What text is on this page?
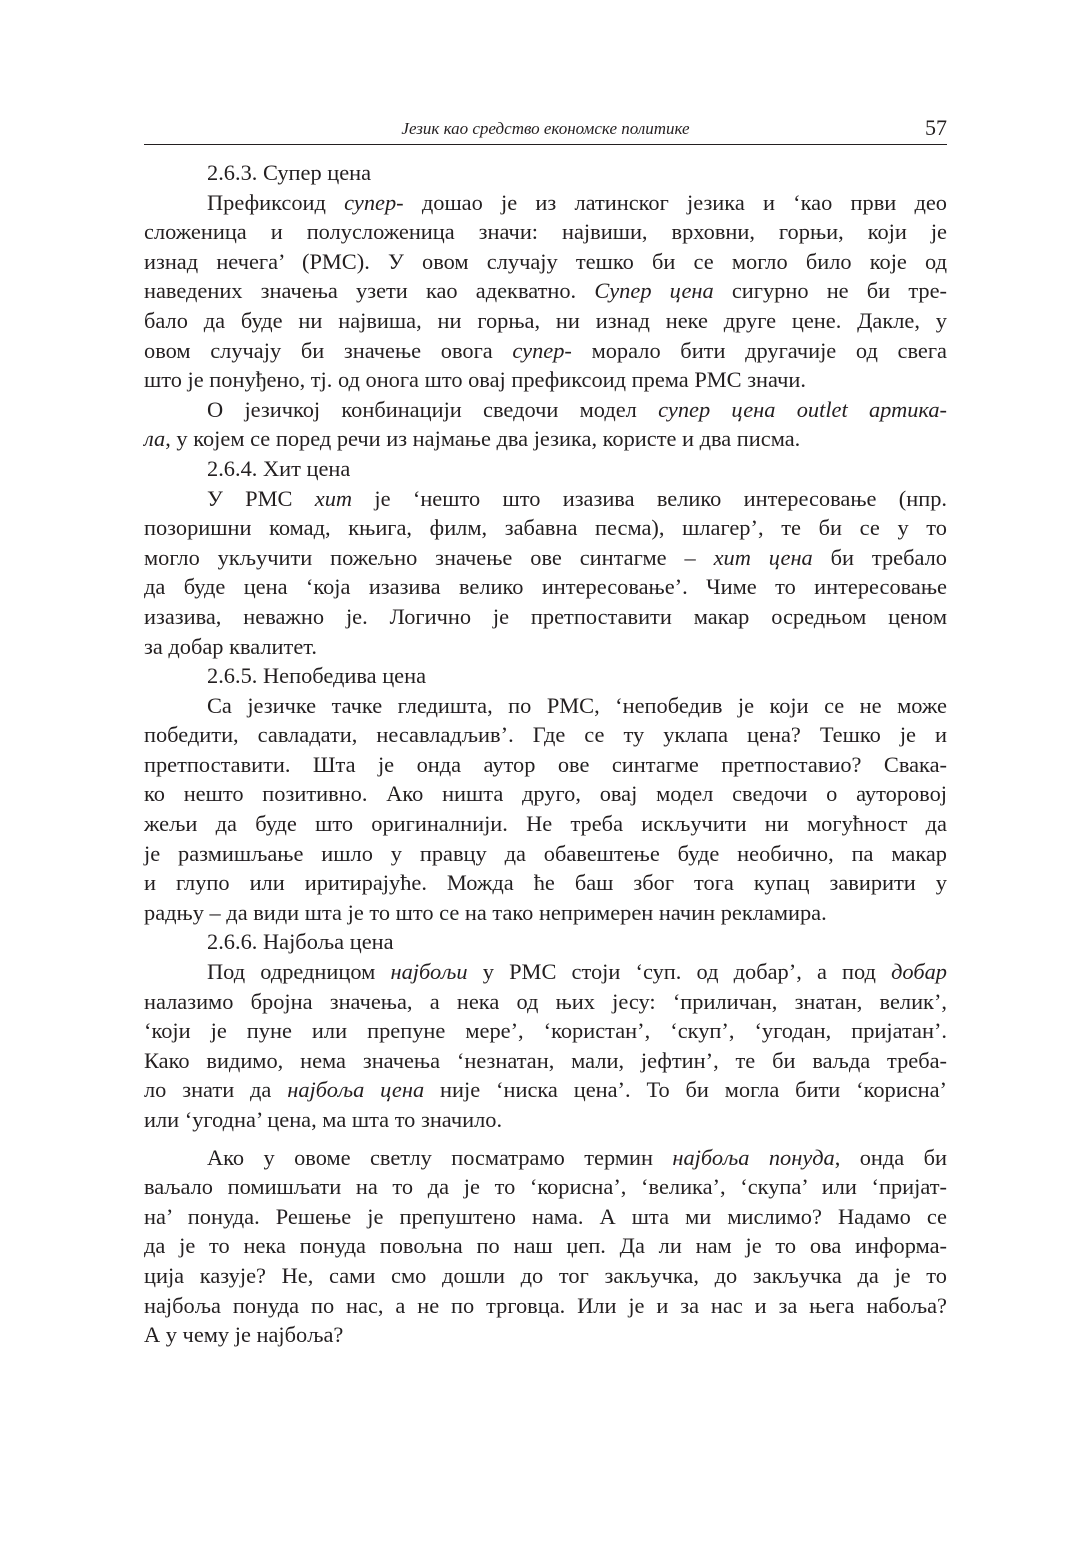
Језик као средство економске политике	57
2.6.3. Супер цена
Префиксоид супер- дошао је из латинског језика и ‘као први део
сложеница и полусложеница значи: највиши, врховни, горњи, који је
изнад нечега’ (РМС). У овом случају тешко би се могло било које од
наведених значења узети као адекватно. Супер цена сигурно не би тре-
бало да буде ни највиша, ни горња, ни изнад неке друге цене. Дакле, у
овом случају би значење овога супер- морало бити другачије од свега
што је понуђено, тј. од онога што овај префиксоид према РМС значи.
О језичкој конбинацији сведочи модел супер цена outlet артика-
ла, у којем се поред речи из најмање два језика, користе и два писма.
2.6.4. Хит цена
У РМС хит је ‘нешто што изазива велико интересовање (нпр.
позоришни комад, књига, филм, забавна песма), шлагер’, те би се у то
могло укључити пожељно значење ове синтагме – хит цена би требало
да буде цена ‘која изазива велико интересовање’. Чиме то интересовање
изазива, неважно је. Логично је претпоставити макар осредњом ценом
за добар квалитет.
2.6.5. Непобедива цена
Са језичке тачке гледишта, по РМС, ‘непобедив је који се не може
победити, савладати, несавладљив’. Где се ту уклапа цена? Тешко је и
претпоставити. Шта је онда аутор ове синтагме претпоставио? Свака-
ко нешто позитивно. Ако ништа друго, овај модел сведочи о ауторовој
жељи да буде што оригиналнији. Не треба искључити ни могућност да
је размишљање ишло у правцу да обавештење буде необично, па макар
и глупо или иритирајуће. Можда ће баш због тога купац завирити у
радњу – да види шта је то што се на тако непримерен начин рекламира.
2.6.6. Најбоља цена
Под одредницом најбољи у РМС стоји ‘суп. од добар’, а под добар
налазимо бројна значења, а нека од њих јесу: ‘приличан, знатан, велик’,
‘који је пуне или препуне мере’, ‘користан’, ‘скуп’, ‘угодан, пријатан’.
Како видимо, нема значења ‘незнатан, мали, јефтин’, те би ваљда треба-
ло знати да најбоља цена није ‘ниска цена’. То би могла бити ‘корисна’
или ‘угодна’ цена, ма шта то значило.
Ако у овоме светлу посматрамо термин најбоља понуда, онда би
ваљало помишљати на то да је то ‘корисна’, ‘велика’, ‘скупа’ или ‘пријат-
на’ понуда. Решење је препуштено нама. А шта ми мислимо? Надамо се
да је то нека понуда повољна по наш џеп. Да ли нам је то ова информа-
ција казује? Не, сами смо дошли до тог закључка, до закључка да је то
најбоља понуда по нас, а не по трговца. Или је и за нас и за њега набоља?
А у чему је најбоља?
